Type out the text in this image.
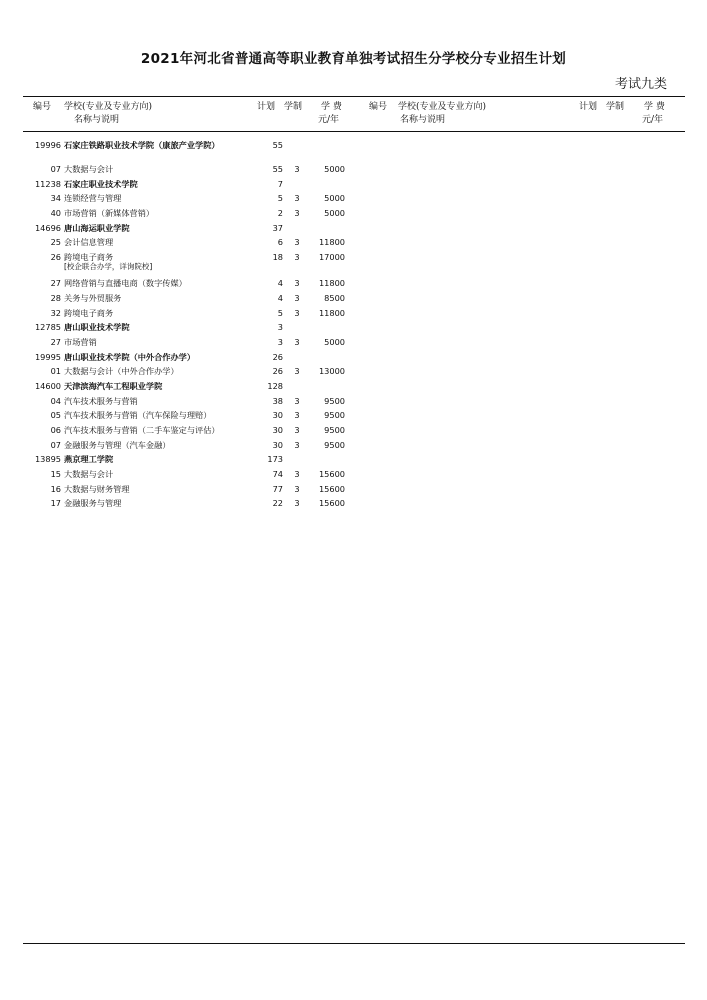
2021年河北省普通高等职业教育单独考试招生分学校分专业招生计划
考试九类
编号 学校(专业及专业方向)
名称与说明
计划 学制 学 费
元/年
编号 学校(专业及专业方向)
名称与说明
计划 学制 学 费
元/年
19996 石家庄铁路职业技术学院（康旅产业学院）	55
07 大数据与会计	55	3	5000
11238 石家庄职业技术学院	7
34 连锁经营与管理	5	3	5000
40 市场营销（新媒体营销）	2	3	5000
14696 唐山海运职业学院	37
25 会计信息管理	6	3	11800
26 跨境电子商务	18	3	17000
[校企联合办学，详询院校]
27 网络营销与直播电商（数字传媒）	4	3	11800
28 关务与外贸服务	4	3	8500
32 跨境电子商务	5	3	11800
12785 唐山职业技术学院	3
27 市场营销	3	3	5000
19995 唐山职业技术学院（中外合作办学）	26
01 大数据与会计（中外合作办学）	26	3	13000
14600 天津滨海汽车工程职业学院	128
04 汽车技术服务与营销	38	3	9500
05 汽车技术服务与营销（汽车保险与理赔）	30	3	9500
06 汽车技术服务与营销（二手车鉴定与评估）	30	3	9500
07 金融服务与管理（汽车金融）	30	3	9500
13895 燕京理工学院	173
15 大数据与会计	74	3	15600
16 大数据与财务管理	77	3	15600
17 金融服务与管理	22	3	15600
